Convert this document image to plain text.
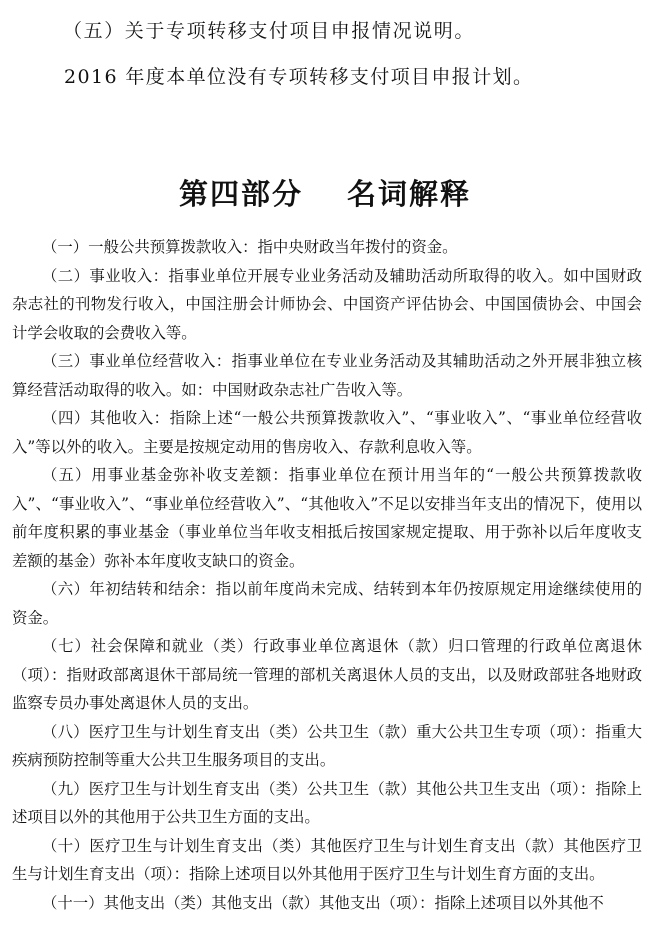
（五）关于专项转移支付项目申报情况说明。
2016 年度本单位没有专项转移支付项目申报计划。
第四部分 名词解释

（一）一般公共预算拨款收入：指中央财政当年拨付的资金。

（二）事业收入：指事业单位开展专业业务活动及辅助活动所取得的收入。如中国财政杂志社的刊物发行收入，中国注册会计师协会、中国资产评估协会、中国国债协会、中国会计学会收取的会费收入等。

（三）事业单位经营收入：指事业单位在专业业务活动及其辅助活动之外开展非独立核算经营活动取得的收入。如：中国财政杂志社广告收入等。

（四）其他收入：指除上述“一般公共预算拨款收入”、“事业收入”、“事业单位经营收入”等以外的收入。主要是按规定动用的售房收入、存款利息收入等。

（五）用事业基金弥补收支差额：指事业单位在预计用当年的“一般公共预算拨款收入”、“事业收入”、“事业单位经营收入”、“其他收入”不足以安排当年支出的情况下，使用以前年度积累的事业基金（事业单位当年收支相抵后按国家规定提取、用于弥补以后年度收支差额的基金）弥补本年度收支缺口的资金。

（六）年初结转和结余：指以前年度尚未完成、结转到本年仍按原规定用途继续使用的资金。

（七）社会保障和就业（类）行政事业单位离退休（款）归口管理的行政单位离退休（项）：指财政部离退休干部局统一管理的部机关离退休人员的支出，以及财政部驻各地财政监察专员办事处离退休人员的支出。

（八）医疗卫生与计划生育支出（类）公共卫生（款）重大公共卫生专项（项）：指重大疾病预防控制等重大公共卫生服务项目的支出。

（九）医疗卫生与计划生育支出（类）公共卫生（款）其他公共卫生支出（项）：指除上述项目以外的其他用于公共卫生方面的支出。

（十）医疗卫生与计划生育支出（类）其他医疗卫生与计划生育支出（款）其他医疗卫生与计划生育支出（项）：指除上述项目以外其他用于医疗卫生与计划生育方面的支出。

（十一）其他支出（类）其他支出（款）其他支出（项）：指除上述项目以外其他不
